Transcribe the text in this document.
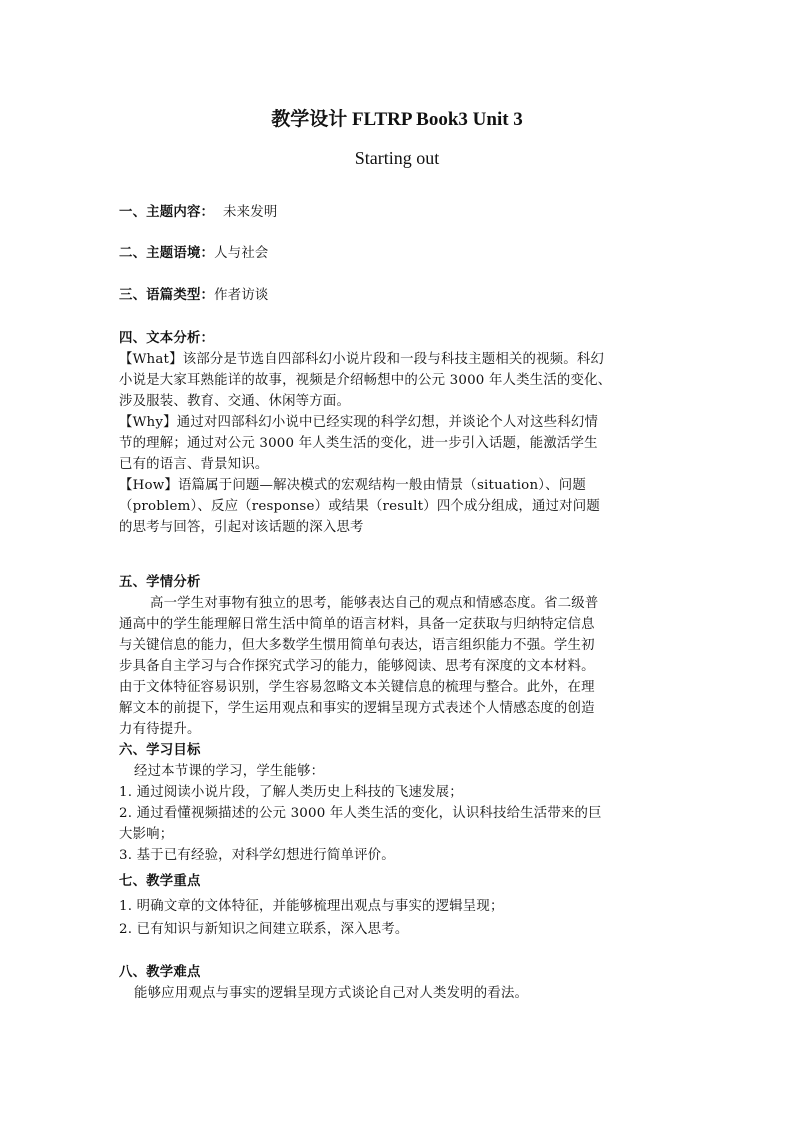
教学设计 FLTRP Book3 Unit 3
Starting out
一、主题内容：  未来发明
二、主题语境：人与社会
三、语篇类型：作者访谈
四、文本分析：
【What】该部分是节选自四部科幻小说片段和一段与科技主题相关的视频。科幻
小说是大家耳熟能详的故事，视频是介绍畅想中的公元 3000 年人类生活的变化、
涉及服装、教育、交通、休闲等方面。
【Why】通过对四部科幻小说中已经实现的科学幻想，并谈论个人对这些科幻情
节的理解；通过对公元 3000 年人类生活的变化，进一步引入话题，能激活学生
已有的语言、背景知识。
【How】语篇属于问题—解决模式的宏观结构一般由情景（situation）、问题
（problem）、反应（response）或结果（result）四个成分组成，通过对问题
的思考与回答，引起对该话题的深入思考
五、学情分析
高一学生对事物有独立的思考，能够表达自己的观点和情感态度。省二级普
通高中的学生能理解日常生活中简单的语言材料，具备一定获取与归纳特定信息
与关键信息的能力，但大多数学生惯用简单句表达，语言组织能力不强。学生初
步具备自主学习与合作探究式学习的能力，能够阅读、思考有深度的文本材料。
由于文体特征容易识别，学生容易忽略文本关键信息的梳理与整合。此外，在理
解文本的前提下，学生运用观点和事实的逻辑呈现方式表述个人情感态度的创造
力有待提升。
六、学习目标
经过本节课的学习，学生能够：
1. 通过阅读小说片段，了解人类历史上科技的飞速发展；
2. 通过看懂视频描述的公元 3000 年人类生活的变化，认识科技给生活带来的巨
大影响；
3. 基于已有经验，对科学幻想进行简单评价。
七、教学重点
1. 明确文章的文体特征，并能够梳理出观点与事实的逻辑呈现；
2. 已有知识与新知识之间建立联系，深入思考。
八、教学难点
能够应用观点与事实的逻辑呈现方式谈论自己对人类发明的看法。
